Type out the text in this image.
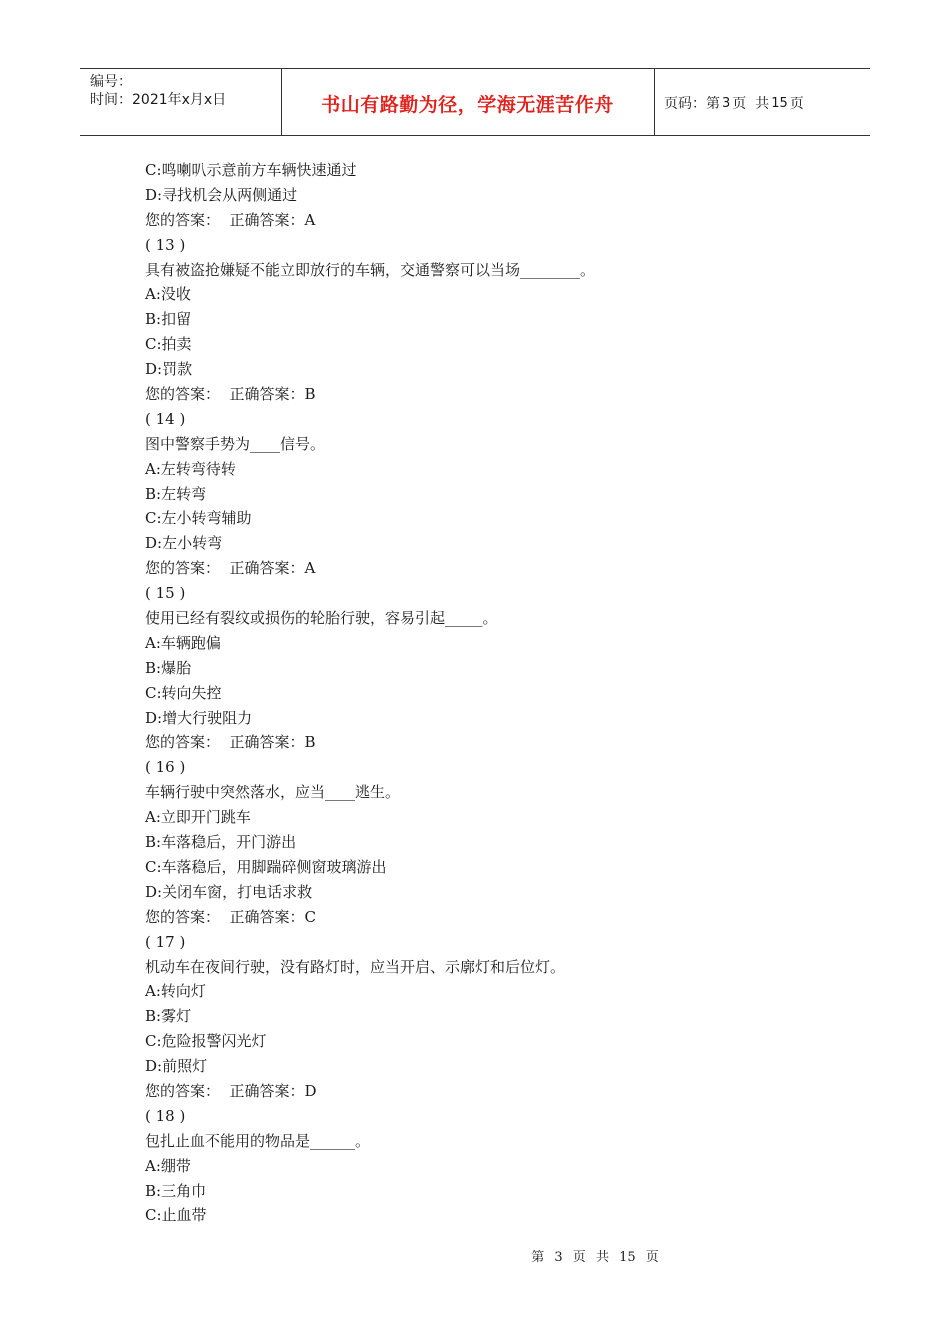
编号：
时间：2021年x月x日	书山有路勤为径，学海无涯苦作舟	页码：第 3 页  共 15 页
C:鸣喇叭示意前方车辆快速通过
D:寻找机会从两侧通过
您的答案：  正确答案：A
( 13 )
具有被盗抢嫌疑不能立即放行的车辆，交通警察可以当场________。
A:没收
B:扣留
C:拍卖
D:罚款
您的答案：  正确答案：B
( 14 )
图中警察手势为____信号。
A:左转弯待转
B:左转弯
C:左小转弯辅助
D:左小转弯
您的答案：  正确答案：A
( 15 )
使用已经有裂纹或损伤的轮胎行驶，容易引起_____。
A:车辆跑偏
B:爆胎
C:转向失控
D:增大行驶阻力
您的答案：  正确答案：B
( 16 )
车辆行驶中突然落水，应当____逃生。
A:立即开门跳车
B:车落稳后，开门游出
C:车落稳后，用脚踹碎侧窗玻璃游出
D:关闭车窗，打电话求救
您的答案：  正确答案：C
( 17 )
机动车在夜间行驶，没有路灯时，应当开启、示廓灯和后位灯。
A:转向灯
B:雾灯
C:危险报警闪光灯
D:前照灯
您的答案：  正确答案：D
( 18 )
包扎止血不能用的物品是______。
A:绷带
B:三角巾
C:止血带
第 3 页 共 15 页
